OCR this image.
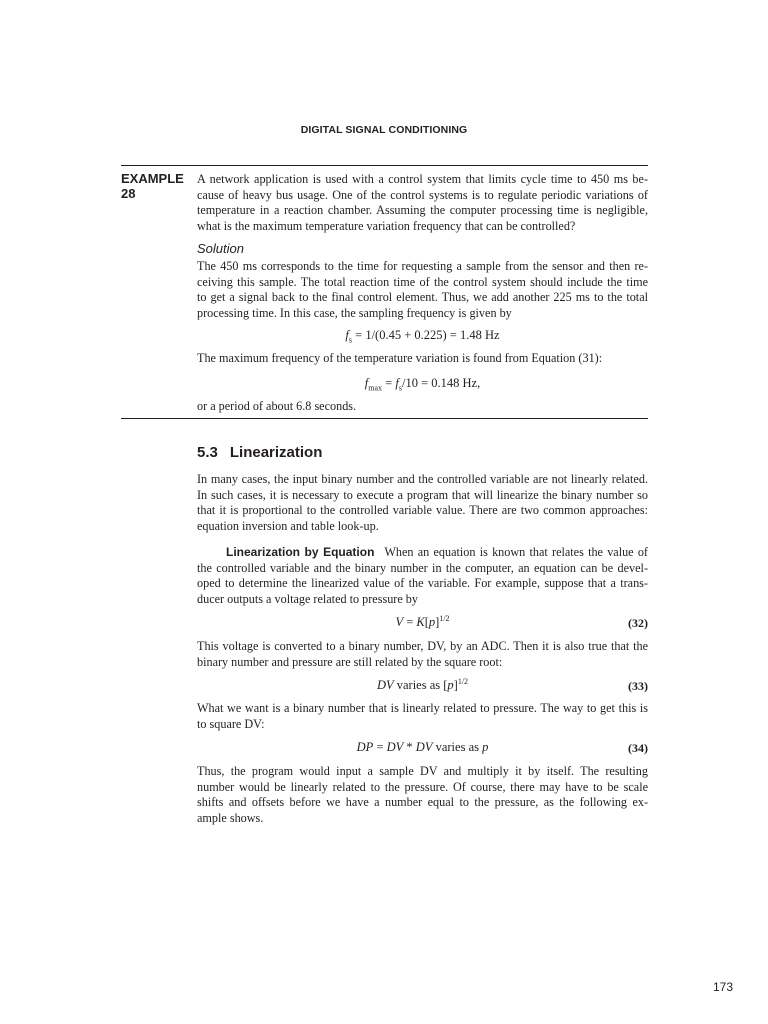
DIGITAL SIGNAL CONDITIONING
EXAMPLE
28
A network application is used with a control system that limits cycle time to 450 ms be-
cause of heavy bus usage. One of the control systems is to regulate periodic variations of
temperature in a reaction chamber. Assuming the computer processing time is negligible,
what is the maximum temperature variation frequency that can be controlled?
Solution
The 450 ms corresponds to the time for requesting a sample from the sensor and then re-
ceiving this sample. The total reaction time of the control system should include the time
to get a signal back to the final control element. Thus, we add another 225 ms to the total
processing time. In this case, the sampling frequency is given by
$f_s = 1/(0.45 + 0.225) = 1.48$ Hz
The maximum frequency of the temperature variation is found from Equation (31):
$f_{max} = f_s/10 = 0.148$ Hz,
or a period of about 6.8 seconds.
5.3 Linearization
In many cases, the input binary number and the controlled variable are not linearly related.
In such cases, it is necessary to execute a program that will linearize the binary number so
that it is proportional to the controlled variable value. There are two common approaches:
equation inversion and table look-up.
Linearization by Equation When an equation is known that relates the value of
the controlled variable and the binary number in the computer, an equation can be devel-
oped to determine the linearized value of the variable. For example, suppose that a trans-
ducer outputs a voltage related to pressure by
$V = K[p]^{1/2}$	(32)
This voltage is converted to a binary number, DV, by an ADC. Then it is also true that the
binary number and pressure are still related by the square root:
DV varies as $[p]^{1/2}$	(33)
What we want is a binary number that is linearly related to pressure. The way to get this is
to square DV:
DP = DV * DV varies as p	(34)
Thus, the program would input a sample DV and multiply it by itself. The resulting
number would be linearly related to the pressure. Of course, there may have to be scale
shifts and offsets before we have a number equal to the pressure, as the following ex-
ample shows.
173
